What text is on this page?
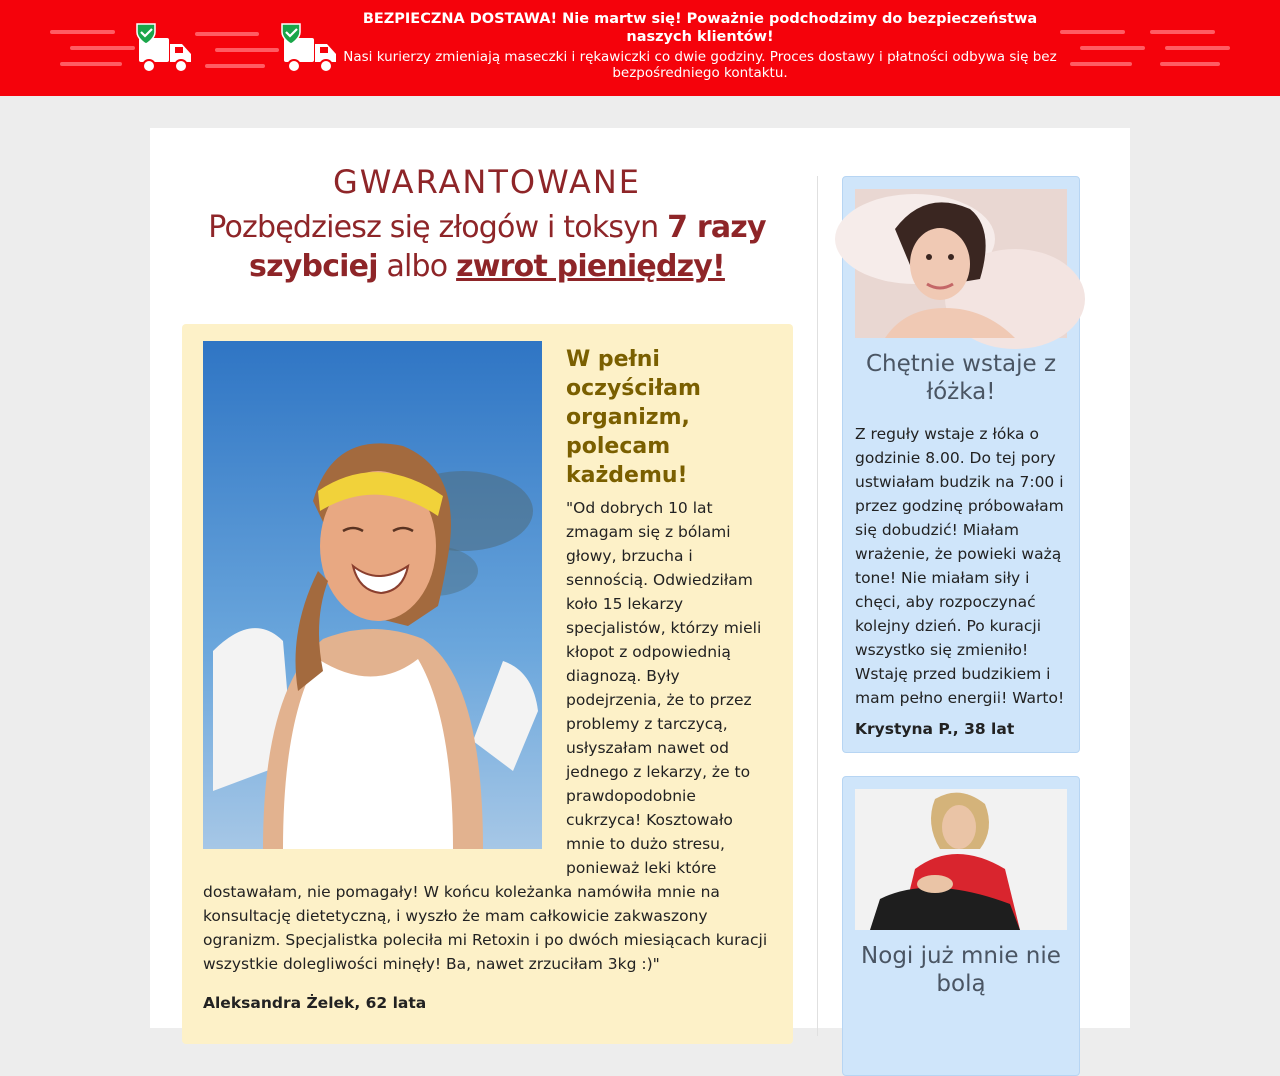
BEZPIECZNA DOSTAWA! Nie martw się! Poważnie podchodzimy do bezpieczeństwa naszych klientów!
Nasi kurierzy zmieniają maseczki i rękawiczki co dwie godziny. Proces dostawy i płatności odbywa się bez bezpośredniego kontaktu.
GWARANTOWANE
Pozbędziesz się złogów i toksyn 7 razy szybciej albo zwrot pieniędzy!
W pełni oczyściłam organizm, polecam każdemu!
"Od dobrych 10 lat zmagam się z bólami głowy, brzucha i sennością. Odwiedziłam koło 15 lekarzy specjalistów, którzy mieli kłopot z odpowiednią diagnozą. Były podejrzenia, że to przez problemy z tarczycą, usłyszałam nawet od jednego z lekarzy, że to prawdopodobnie cukrzyca! Kosztowało mnie to dużo stresu, ponieważ leki które dostawałam, nie pomagały! W końcu koleżanka namówiła mnie na konsultację dietetyczną, i wyszło że mam całkowicie zakwaszony ogranizm. Specjalistka poleciła mi Retoxin i po dwóch miesiącach kuracji wszystkie dolegliwości minęły! Ba, nawet zrzuciłam 3kg :)"
Aleksandra Żelek, 62 lata
Chętnie wstaje z łóżka!
Z reguły wstaje z łóka o godzinie 8.00. Do tej pory ustwiałam budzik na 7:00 i przez godzinę próbowałam się dobudzić! Miałam wrażenie, że powieki ważą tone! Nie miałam siły i chęci, aby rozpoczynać kolejny dzień. Po kuracji wszystko się zmieniło! Wstaję przed budzikiem i mam pełno energii! Warto!
Krystyna P., 38 lat
Nogi już mnie nie bolą
